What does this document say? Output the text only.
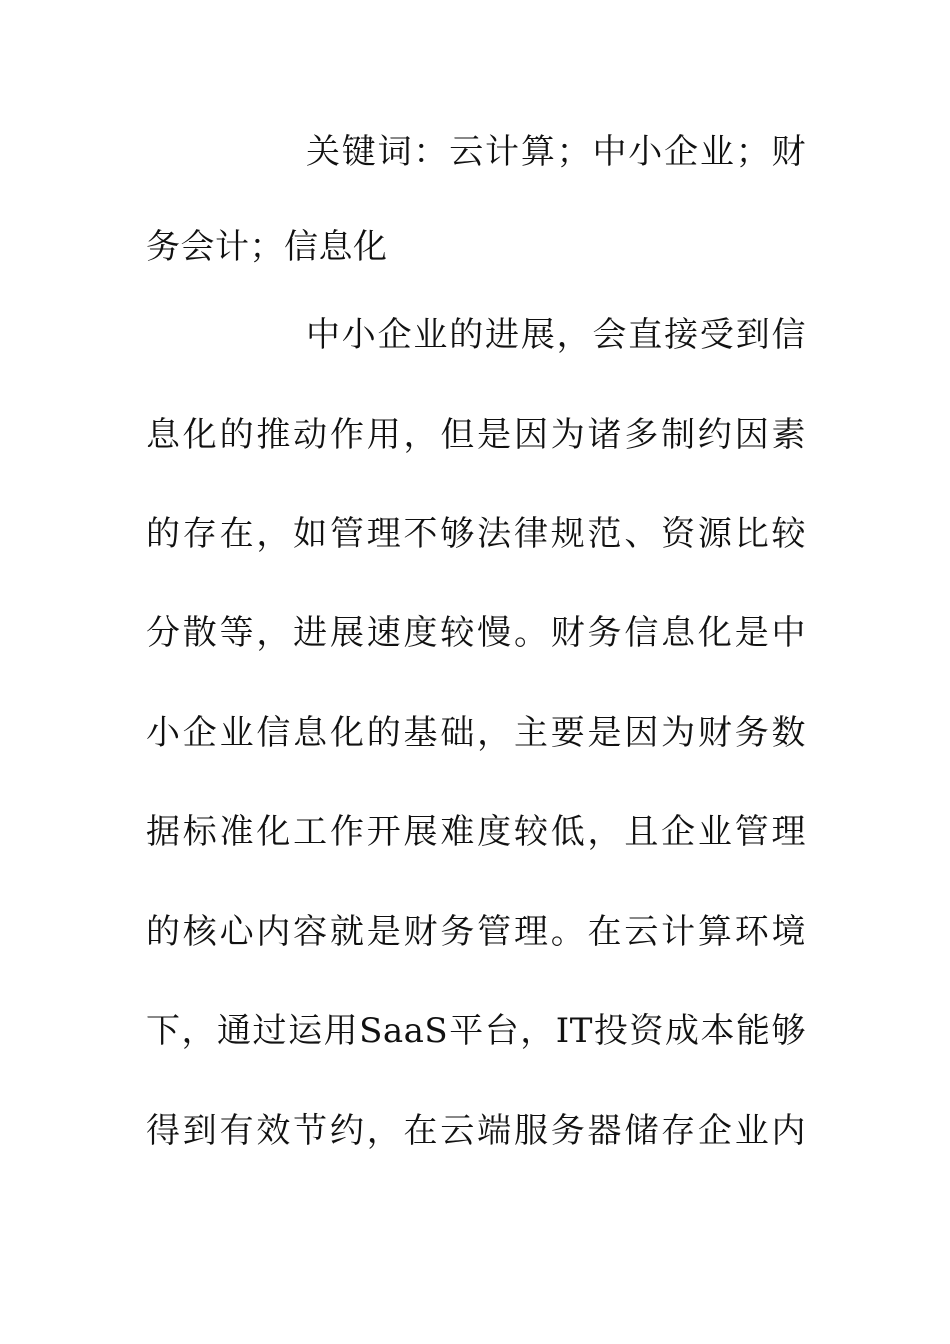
关键词：云计算；中小企业；财
务会计；信息化
中小企业的进展，会直接受到信
息化的推动作用，但是因为诸多制约因素
的存在，如管理不够法律规范、资源比较
分散等，进展速度较慢。财务信息化是中
小企业信息化的基础，主要是因为财务数
据标准化工作开展难度较低，且企业管理
的核心内容就是财务管理。在云计算环境
下，通过运用SaaS平台，IT投资成本能够
得到有效节约，在云端服务器储存企业内
